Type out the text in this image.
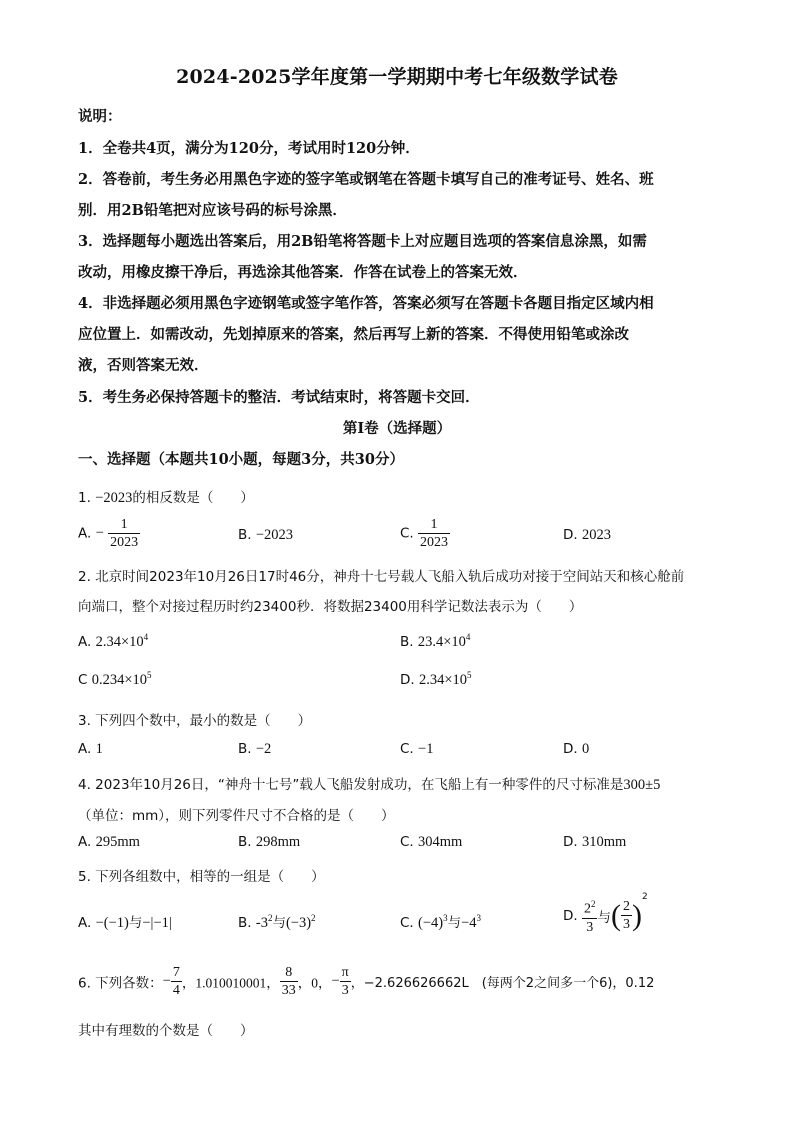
2024-2025学年度第一学期期中考七年级数学试卷
说明：
1．全卷共4页，满分为120分，考试用时120分钟．
2．答卷前，考生务必用黑色字迹的签字笔或钢笔在答题卡填写自己的准考证号、姓名、班
别．用2B铅笔把对应该号码的标号涂黑．
3．选择题每小题选出答案后，用2B铅笔将答题卡上对应题目选项的答案信息涂黑，如需
改动，用橡皮擦干净后，再选涂其他答案．作答在试卷上的答案无效．
4．非选择题必须用黑色字迹钢笔或签字笔作答，答案必须写在答题卡各题目指定区域内相
应位置上．如需改动，先划掉原来的答案，然后再写上新的答案．不得使用铅笔或涂改
液，否则答案无效．
5．考生务必保持答题卡的整洁．考试结束时，将答题卡交回．
第I卷（选择题）
一、选择题（本题共10小题，每题3分，共30分）
1. −2023的相反数是（　　）
A. − $\frac{1}{2023}$	B. −2023	C. $\frac{1}{2023}$	D. 2023
2. 北京时间2023年10月26日17时46分，神舟十七号载人飞船入轨后成功对接于空间站天和核心舱前
向端口，整个对接过程历时约23400秒．将数据23400用科学记数法表示为（　　）
A. $2.34\times 10^4$	B. $23.4\times 10^4$
C $0.234\times 10^5$	D. $2.34\times 10^5$
3. 下列四个数中，最小的数是（　　）
A. 1	B. −2	C. −1	D. 0
4. 2023年10月26日，“神舟十七号”载人飞船发射成功，在飞船上有一种零件的尺寸标准是300±5
（单位：mm），则下列零件尺寸不合格的是（　　）
A. 295mm	B. 298mm	C. 304mm	D. 310mm
5. 下列各组数中，相等的一组是（　　）
A. −(−1)与−|−1|	B. $-3^2$与$(-3)^2$	C. $(-4)^3$与$-4^3$	D. $\frac{2^2}{3}$ 与( $\frac{2}{3} )^2$
6. 下列各数：− $\frac{7}{4}$ ，1.010010001， $\frac{8}{33}$ ，0，− $\frac{\pi}{3}$ ，−2.626626662L　(每两个2之间多一个6)，0.12
其中有理数的个数是（　　）
